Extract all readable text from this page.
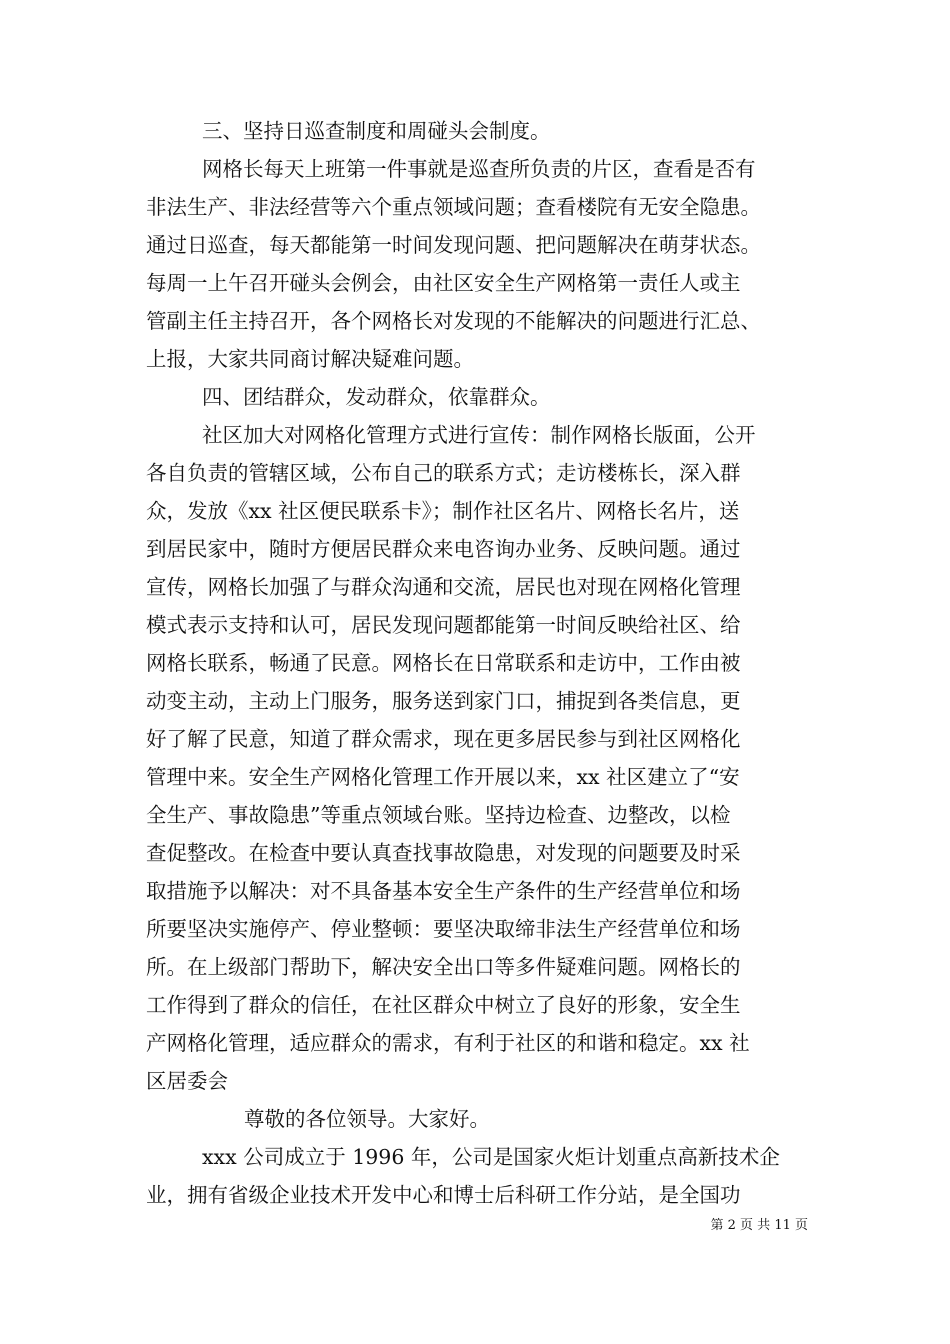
三、坚持日巡查制度和周碰头会制度。
网格长每天上班第一件事就是巡查所负责的片区，查看是否有
非法生产、非法经营等六个重点领域问题；查看楼院有无安全隐患。
通过日巡查，每天都能第一时间发现问题、把问题解决在萌芽状态。
每周一上午召开碰头会例会，由社区安全生产网格第一责任人或主
管副主任主持召开，各个网格长对发现的不能解决的问题进行汇总、
上报，大家共同商讨解决疑难问题。
四、团结群众，发动群众，依靠群众。
社区加大对网格化管理方式进行宣传：制作网格长版面，公开
各自负责的管辖区域，公布自己的联系方式；走访楼栋长，深入群
众，发放《xx 社区便民联系卡》；制作社区名片、网格长名片，送
到居民家中，随时方便居民群众来电咨询办业务、反映问题。通过
宣传，网格长加强了与群众沟通和交流，居民也对现在网格化管理
模式表示支持和认可，居民发现问题都能第一时间反映给社区、给
网格长联系，畅通了民意。网格长在日常联系和走访中，工作由被
动变主动，主动上门服务，服务送到家门口，捕捉到各类信息，更
好了解了民意，知道了群众需求，现在更多居民参与到社区网格化
管理中来。安全生产网格化管理工作开展以来，xx 社区建立了“安
全生产、事故隐患”等重点领域台账。坚持边检查、边整改，以检
查促整改。在检查中要认真查找事故隐患，对发现的问题要及时采
取措施予以解决：对不具备基本安全生产条件的生产经营单位和场
所要坚决实施停产、停业整顿：要坚决取缔非法生产经营单位和场
所。在上级部门帮助下，解决安全出口等多件疑难问题。网格长的
工作得到了群众的信任，在社区群众中树立了良好的形象，安全生
产网格化管理，适应群众的需求，有利于社区的和谐和稳定。xx 社
区居委会
尊敬的各位领导。大家好。
xxx 公司成立于 1996 年，公司是国家火炬计划重点高新技术企
业，拥有省级企业技术开发中心和博士后科研工作分站，是全国功
第 2 页 共 11 页
